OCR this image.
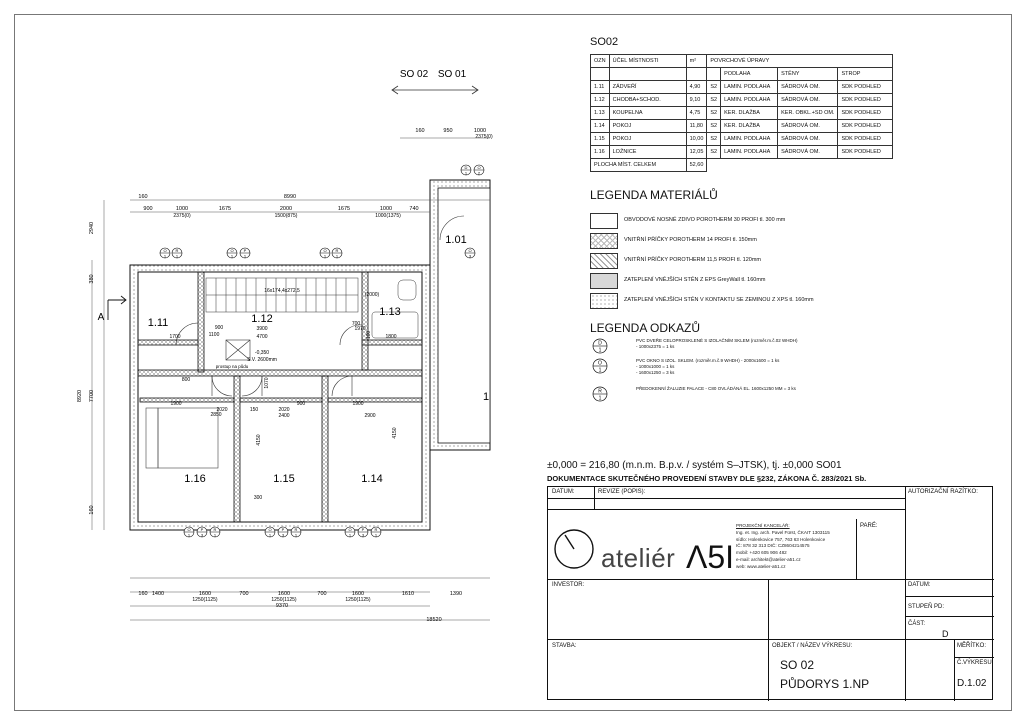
SO 02 SO 01
1.11	1.12
1.13
1.14
1.15
1.16
1.01
1
-0,350
S.V. 2600mm
16x174,4x272,5
prostup na půdu
A
8990
900	1000	1675	2000	1675	1000	740
2375(0)	1500(875)	1000(1375)
160	950	1000
2375(0)
160
160 1400	1600	700	1600	700	1600	1610	1390
1250(1125)	1250(1125)	1250(1125)
9370
18520
2940
380
7700
8920
160
3900
4700
1900
2020
2850	2400
2020
2900
4150
1900
4150
900
1100
150
1700	1800
100
700
1970
800	1070
(2000)
300
900
O
1
R
1
O
1
P
1
O
1
R
1
O
3
O
1
P
3
R
1
O
1
P
3
R
1
O
1
P
3
R
1
D
1
O
2
SO02
OZN	ÚČEL MÍSTNOSTI	m²	POVRCHOVÉ ÚPRAVY			
				PODLAHA	STĚNY	STROP
1.11	ZÁDVEŘÍ	4,90	S2	LAMIN. PODLAHA	SÁDROVÁ OM.	SDK PODHLED
1.12	CHODBA+SCHOD.	9,10	S2	LAMIN. PODLAHA	SÁDROVÁ OM.	SDK PODHLED
1.13	KOUPELNA	4,75	S2	KER. DLAŽBA	KER. OBKL.+SD OM.	SDK PODHLED
1.14	POKOJ	11,80	S2	KER. DLAŽBA	SÁDROVÁ OM.	SDK PODHLED
1.15	POKOJ	10,00	S2	LAMIN. PODLAHA	SÁDROVÁ OM.	SDK PODHLED
1.16	LOŽNICE	12,05	S2	LAMIN. PODLAHA	SÁDROVÁ OM.	SDK PODHLED
PLOCHA MÍST. CELKEM		52,60				
LEGENDA MATERIÁLŮ
OBVODOVÉ NOSNÉ ZDIVO POROTHERM 30 PROFI tl. 300 mm
VNITŘNÍ PŘÍČKY POROTHERM 14 PROFI tl. 150mm
VNITŘNÍ PŘÍČKY POROTHERM 11,5 PROFI tl. 120mm
ZATEPLENÍ VNĚJŠÍCH STĚN Z EPS GreyWall tl. 160mm
ZATEPLENÍ VNĚJŠÍCH STĚN V KONTAKTU SE ZEMINOU Z XPS tl. 160mm
LEGENDA ODKAZŮ
D
1
PVC DVEŘE CELOPROSKLENÉ S IZOLAČNÍM SKLEM (rozměr.m.č.02 WHDH)
- 1000x2375 = 1 ks
O
1
PVC OKNO S IZOL. SKLEM. (rozměr.m.č.9 WHDH) - 2000x1600 = 1 ks
- 1000x1000 = 1 ks
- 1600x1250 = 3 ks
R
1
PŘEDOKENNÍ ŽALUZIE PALACE - C80 OVLÁDÁNÁ EL. 1600x1250 MM = 3 ks
±0,000 = 216,80 (m.n.m. B.p.v. / systém S–JTSK), tj. ±0,000 SO01
DOKUMENTACE SKUTEČNÉHO PROVEDENÍ STAVBY DLE §232, ZÁKONA Č. 283/2021 Sb.
DATUM:	REVIZE (POPIS):	AUTORIZAČNÍ RAZÍTKO:
PARÉ:
ateliér Λ5I
PROJEKČNÍ KANCELÁŘ:
Ing. et. Ing. arch. Pavel Fürst, ČKAIT 1303115
sídlo: Holenkovice 757, 763 63 Holenkovice
IČ: 878 32 313 DIČ: CZ8604214575
mobil: +420 605 906 482
e-mail: architekt@atelier-a51.cz
web: www.atelier-a51.cz
INVESTOR:	DATUM:
STUPEŇ PD:
ČÁST:
D
STAVBA:	OBJEKT / NÁZEV VÝKRESU:
SO 02
PŮDORYS 1.NP
MĚŘÍTKO:
Č.VÝKRESU:
D.1.02
